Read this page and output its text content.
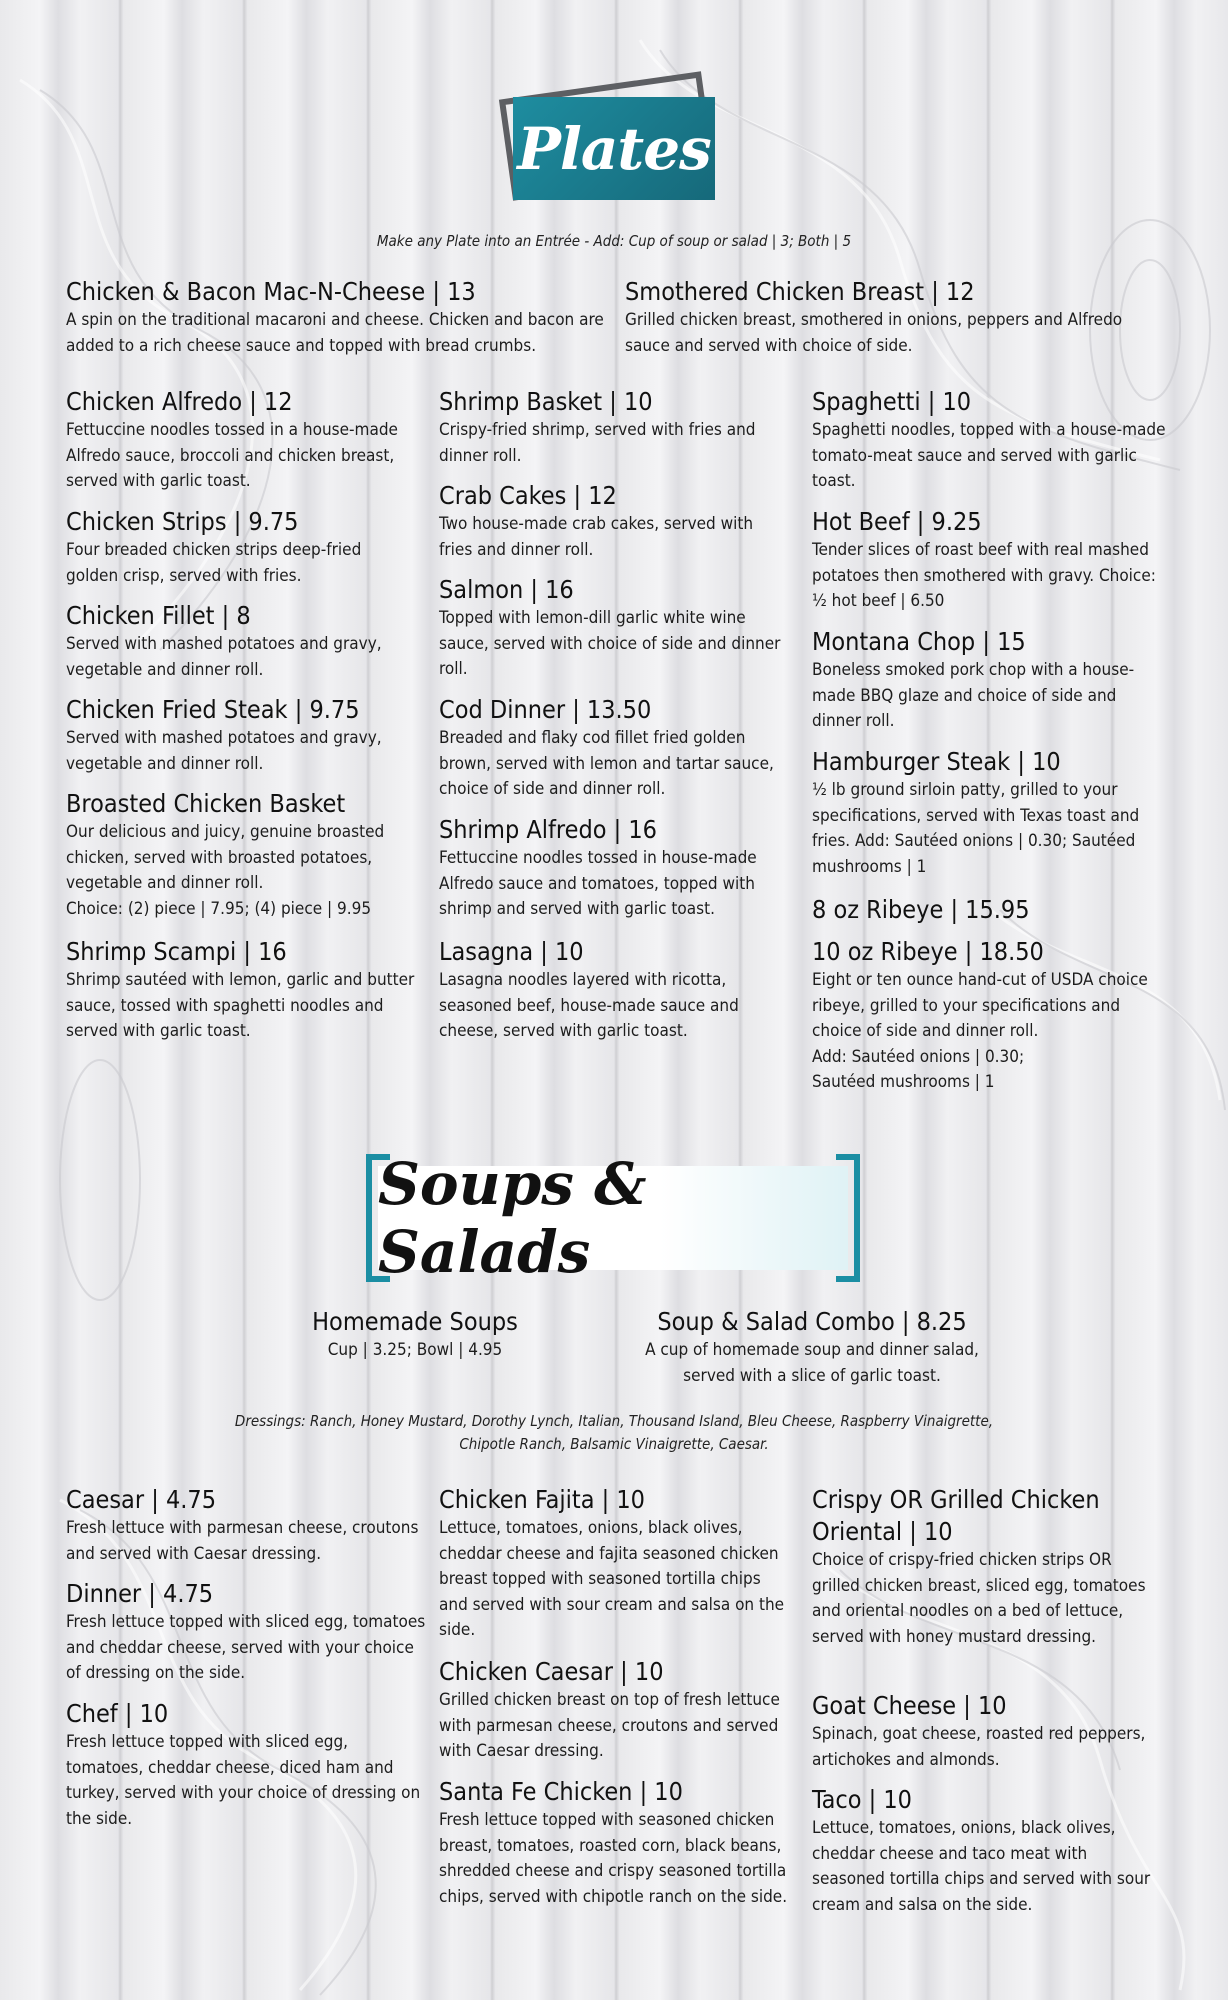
Plates
Make any Plate into an Entrée - Add: Cup of soup or salad | 3; Both | 5
Chicken & Bacon Mac-N-Cheese | 13
A spin on the traditional macaroni and cheese. Chicken and bacon are added to a rich cheese sauce and topped with bread crumbs.
Smothered Chicken Breast | 12
Grilled chicken breast, smothered in onions, peppers and Alfredo sauce and served with choice of side.
Chicken Alfredo | 12
Fettuccine noodles tossed in a house-made Alfredo sauce, broccoli and chicken breast, served with garlic toast.
Chicken Strips | 9.75
Four breaded chicken strips deep-fried golden crisp, served with fries.
Chicken Fillet | 8
Served with mashed potatoes and gravy, vegetable and dinner roll.
Chicken Fried Steak | 9.75
Served with mashed potatoes and gravy, vegetable and dinner roll.
Broasted Chicken Basket
Our delicious and juicy, genuine broasted chicken, served with broasted potatoes, vegetable and dinner roll.
Choice: (2) piece | 7.95; (4) piece | 9.95
Shrimp Scampi | 16
Shrimp sautéed with lemon, garlic and butter sauce, tossed with spaghetti noodles and served with garlic toast.
Shrimp Basket | 10
Crispy-fried shrimp, served with fries and dinner roll.
Crab Cakes | 12
Two house-made crab cakes, served with fries and dinner roll.
Salmon | 16
Topped with lemon-dill garlic white wine sauce, served with choice of side and dinner roll.
Cod Dinner | 13.50
Breaded and flaky cod fillet fried golden brown, served with lemon and tartar sauce, choice of side and dinner roll.
Shrimp Alfredo | 16
Fettuccine noodles tossed in house-made Alfredo sauce and tomatoes, topped with shrimp and served with garlic toast.
Lasagna | 10
Lasagna noodles layered with ricotta, seasoned beef, house-made sauce and cheese, served with garlic toast.
Spaghetti | 10
Spaghetti noodles, topped with a house-made tomato-meat sauce and served with garlic toast.
Hot Beef | 9.25
Tender slices of roast beef with real mashed potatoes then smothered with gravy. Choice: ½ hot beef | 6.50
Montana Chop | 15
Boneless smoked pork chop with a house-made BBQ glaze and choice of side and dinner roll.
Hamburger Steak | 10
½ lb ground sirloin patty, grilled to your specifications, served with Texas toast and fries. Add: Sautéed onions | 0.30; Sautéed mushrooms | 1
8 oz Ribeye | 15.95
10 oz Ribeye | 18.50
Eight or ten ounce hand-cut of USDA choice ribeye, grilled to your specifications and choice of side and dinner roll.
Add: Sautéed onions | 0.30;
Sautéed mushrooms | 1
Soups & Salads
Homemade Soups
Cup | 3.25; Bowl | 4.95
Soup & Salad Combo | 8.25
A cup of homemade soup and dinner salad,
served with a slice of garlic toast.
Dressings: Ranch, Honey Mustard, Dorothy Lynch, Italian, Thousand Island, Bleu Cheese, Raspberry Vinaigrette,
Chipotle Ranch, Balsamic Vinaigrette, Caesar.
Caesar | 4.75
Fresh lettuce with parmesan cheese, croutons and served with Caesar dressing.
Dinner | 4.75
Fresh lettuce topped with sliced egg, tomatoes and cheddar cheese, served with your choice of dressing on the side.
Chef | 10
Fresh lettuce topped with sliced egg, tomatoes, cheddar cheese, diced ham and turkey, served with your choice of dressing on the side.
Chicken Fajita | 10
Lettuce, tomatoes, onions, black olives, cheddar cheese and fajita seasoned chicken breast topped with seasoned tortilla chips and served with sour cream and salsa on the side.
Chicken Caesar | 10
Grilled chicken breast on top of fresh lettuce with parmesan cheese, croutons and served with Caesar dressing.
Santa Fe Chicken | 10
Fresh lettuce topped with seasoned chicken breast, tomatoes, roasted corn, black beans, shredded cheese and crispy seasoned tortilla chips, served with chipotle ranch on the side.
Crispy OR Grilled Chicken Oriental | 10
Choice of crispy-fried chicken strips OR grilled chicken breast, sliced egg, tomatoes and oriental noodles on a bed of lettuce, served with honey mustard dressing.
Goat Cheese | 10
Spinach, goat cheese, roasted red peppers, artichokes and almonds.
Taco | 10
Lettuce, tomatoes, onions, black olives, cheddar cheese and taco meat with seasoned tortilla chips and served with sour cream and salsa on the side.
